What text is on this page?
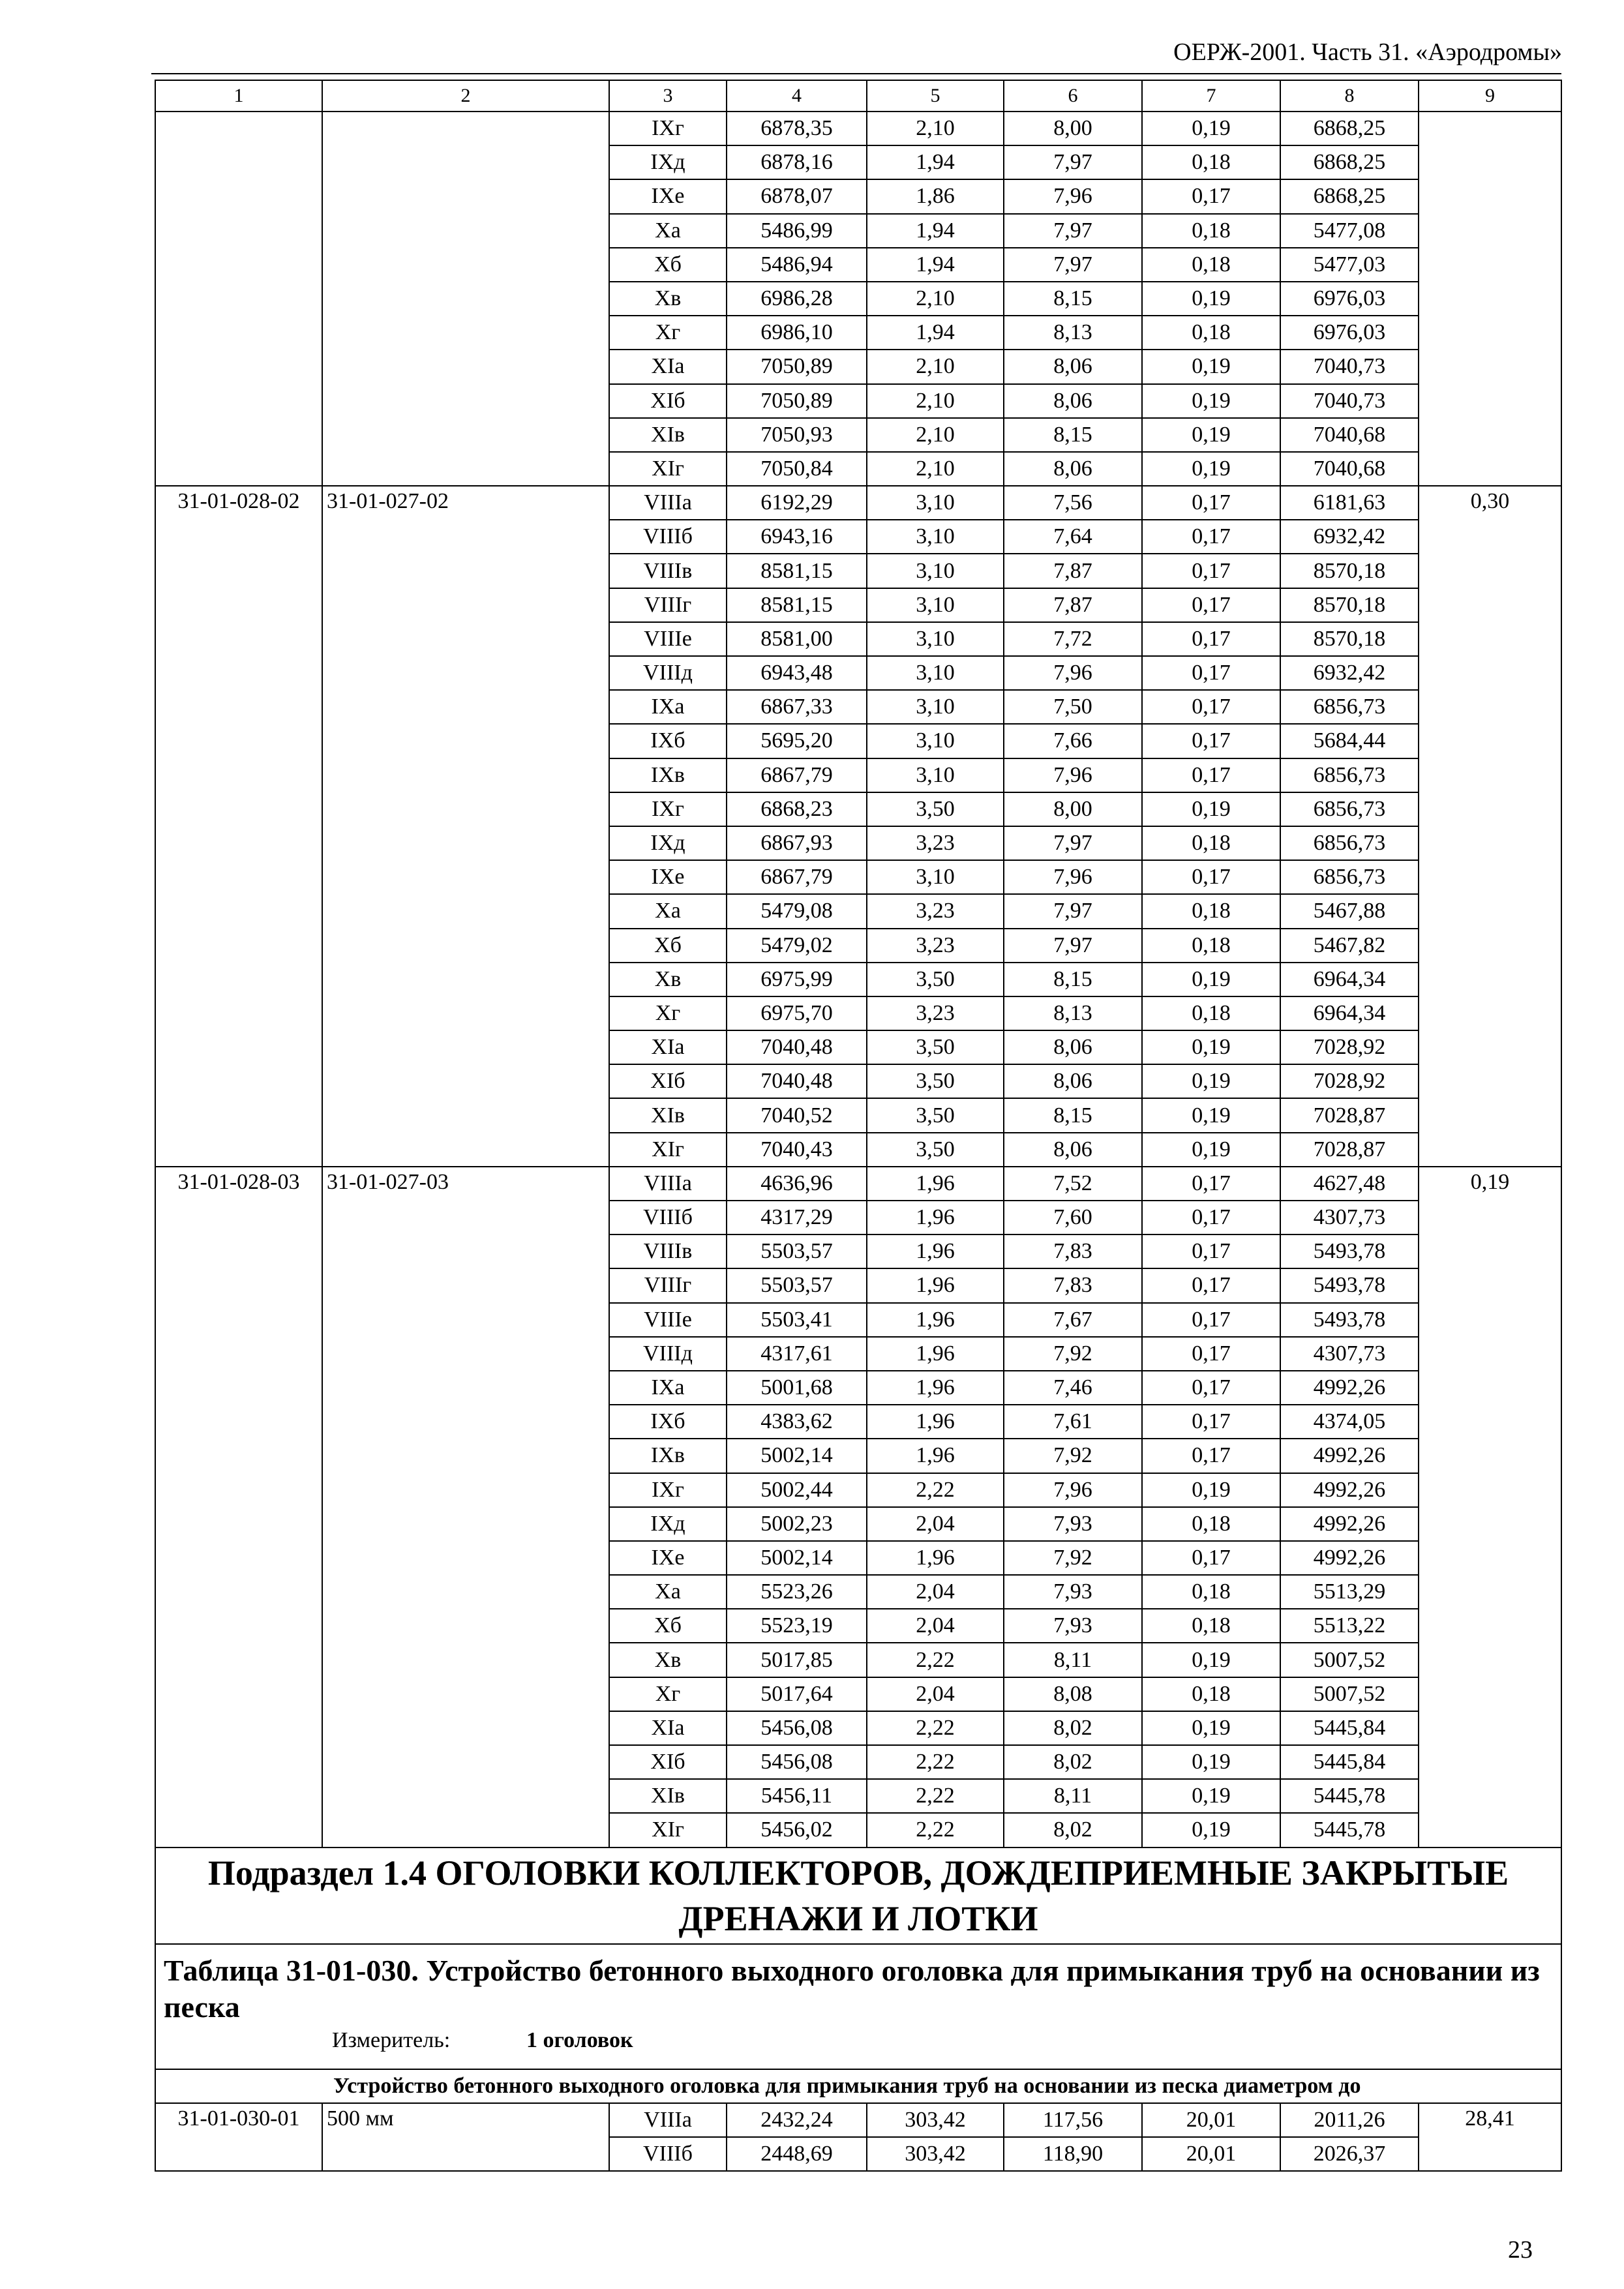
ОЕРЖ-2001. Часть 31. «Аэродромы»
1	2	3	4	5	6	7	8	9
		IXг	6878,35	2,10	8,00	0,19	6868,25	
		IXд	6878,16	1,94	7,97	0,18	6868,25	
		IXе	6878,07	1,86	7,96	0,17	6868,25	
		Xа	5486,99	1,94	7,97	0,18	5477,08	
		Xб	5486,94	1,94	7,97	0,18	5477,03	
		Xв	6986,28	2,10	8,15	0,19	6976,03	
		Xг	6986,10	1,94	8,13	0,18	6976,03	
		XIа	7050,89	2,10	8,06	0,19	7040,73	
		XIб	7050,89	2,10	8,06	0,19	7040,73	
		XIв	7050,93	2,10	8,15	0,19	7040,68	
		XIг	7050,84	2,10	8,06	0,19	7040,68	
31-01-028-02	31-01-027-02	VIIIа	6192,29	3,10	7,56	0,17	6181,63	0,30
		VIIIб	6943,16	3,10	7,64	0,17	6932,42	
		VIIIв	8581,15	3,10	7,87	0,17	8570,18	
		VIIIг	8581,15	3,10	7,87	0,17	8570,18	
		VIIIе	8581,00	3,10	7,72	0,17	8570,18	
		VIIIд	6943,48	3,10	7,96	0,17	6932,42	
		IXа	6867,33	3,10	7,50	0,17	6856,73	
		IXб	5695,20	3,10	7,66	0,17	5684,44	
		IXв	6867,79	3,10	7,96	0,17	6856,73	
		IXг	6868,23	3,50	8,00	0,19	6856,73	
		IXд	6867,93	3,23	7,97	0,18	6856,73	
		IXе	6867,79	3,10	7,96	0,17	6856,73	
		Xа	5479,08	3,23	7,97	0,18	5467,88	
		Xб	5479,02	3,23	7,97	0,18	5467,82	
		Xв	6975,99	3,50	8,15	0,19	6964,34	
		Xг	6975,70	3,23	8,13	0,18	6964,34	
		XIа	7040,48	3,50	8,06	0,19	7028,92	
		XIб	7040,48	3,50	8,06	0,19	7028,92	
		XIв	7040,52	3,50	8,15	0,19	7028,87	
		XIг	7040,43	3,50	8,06	0,19	7028,87	
31-01-028-03	31-01-027-03	VIIIа	4636,96	1,96	7,52	0,17	4627,48	0,19
		VIIIб	4317,29	1,96	7,60	0,17	4307,73	
		VIIIв	5503,57	1,96	7,83	0,17	5493,78	
		VIIIг	5503,57	1,96	7,83	0,17	5493,78	
		VIIIе	5503,41	1,96	7,67	0,17	5493,78	
		VIIIд	4317,61	1,96	7,92	0,17	4307,73	
		IXа	5001,68	1,96	7,46	0,17	4992,26	
		IXб	4383,62	1,96	7,61	0,17	4374,05	
		IXв	5002,14	1,96	7,92	0,17	4992,26	
		IXг	5002,44	2,22	7,96	0,19	4992,26	
		IXд	5002,23	2,04	7,93	0,18	4992,26	
		IXе	5002,14	1,96	7,92	0,17	4992,26	
		Xа	5523,26	2,04	7,93	0,18	5513,29	
		Xб	5523,19	2,04	7,93	0,18	5513,22	
		Xв	5017,85	2,22	8,11	0,19	5007,52	
		Xг	5017,64	2,04	8,08	0,18	5007,52	
		XIа	5456,08	2,22	8,02	0,19	5445,84	
		XIб	5456,08	2,22	8,02	0,19	5445,84	
		XIв	5456,11	2,22	8,11	0,19	5445,78	
		XIг	5456,02	2,22	8,02	0,19	5445,78	
Подраздел 1.4 ОГОЛОВКИ КОЛЛЕКТОРОВ, ДОЖДЕПРИЕМНЫЕ ЗАКРЫТЫЕ ДРЕНАЖИ И ЛОТКИ								

Таблица 31-01-030. Устройство бетонного выходного оголовка для примыкания труб на основании из песка
Измеритель: 1 оголовок								

Устройство бетонного выходного оголовка для примыкания труб на основании из песка диаметром до								
31-01-030-01	500 мм	VIIIа	2432,24	303,42	117,56	20,01	2011,26	28,41
		VIIIб	2448,69	303,42	118,90	20,01	2026,37	
23
